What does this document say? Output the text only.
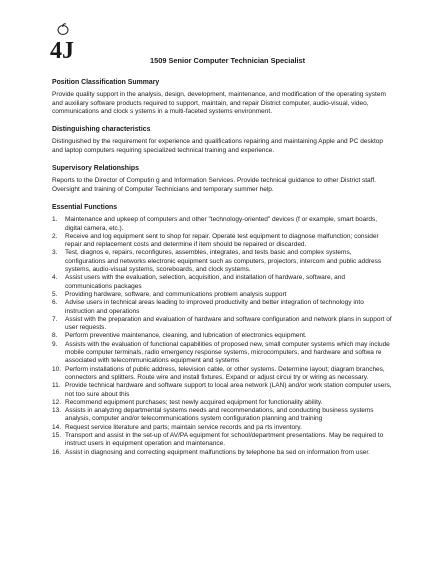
4J	1509 Senior Computer Technician Specialist

Position Classification Summary

Provide quality support in the analysis, design, development, maintenance, and modification of the operating system and auxiliary software products required to support, maintain, and repair District computer, audio-visual, video, communications and clock s ystems in a multi-faceted systems environment.

Distinguishing characteristics

Distinguished by the requirement for experience and qualifications repairing and maintaining Apple and PC desktop and laptop computers requiring specialized technical training and experience.

Supervisory Relationships

Reports to the Director of Computin g and Information Services. Provide technical guidance to other District staff. Oversight and training of Computer Technicians and temporary summer help.

Essential Functions

1.	Maintenance and upkeep of computers and other "technology-oriented" devices (f or example, smart boards, digital camera, etc.).
2.	Receive and log equipment sent to shop for repair. Operate test equipment to diagnose malfunction; consider repair and replacement costs and determine if item should be repaired or discarded.
3.	Test, diagnos e, repairs, reconfigures, assembles, integrates, and tests basic and complex systems, configurations and networks electronic equipment such as computers, projectors, intercom and public address systems, audio-visual systems, scoreboards, and clock systems.
4.	Assist users with the evaluation, selection, acquisition, and installation of hardware, software, and communications packages
5.	Providing hardware, software, and communications problem analysis support
6.	Advise users in technical areas leading to improved productivity and better integration of technology into instruction and operations
7.	Assist with the preparation and evaluation of hardware and software configuration and network plans in support of user requests.
8.	Perform preventive maintenance, cleaning, and lubrication of electronics equipment.
9.	Assists with the evaluation of functional capabilities of proposed new, small computer systems which may include mobile computer terminals, radio emergency response systems, microcomputers, and hardware and softwa re associated with telecommunications equipment and systems
10. Perform installations of public address, television cable, or other systems. Determine layout; diagram branches, connectors and splitters. Route wire and install fixtures. Expand or adjust circui try or wiring as necessary.
11. Provide technical hardware and software support to local area network (LAN) and/or work station computer users, not too sure about this
12. Recommend equipment purchases; test newly acquired equipment for functionality ability.
13. Assists in analyzing departmental systems needs and recommendations, and conducting business systems analysis, computer and/or telecommunications system configuration planning and training
14. Request service literature and parts; maintain service records and pa rts inventory.
15. Transport and assist in the set-up of AV/PA equipment for school/department presentations. May be required to instruct users in equipment operation and maintenance.
16. Assist in diagnosing and correcting equipment malfunctions by telephone ba sed on information from user.
